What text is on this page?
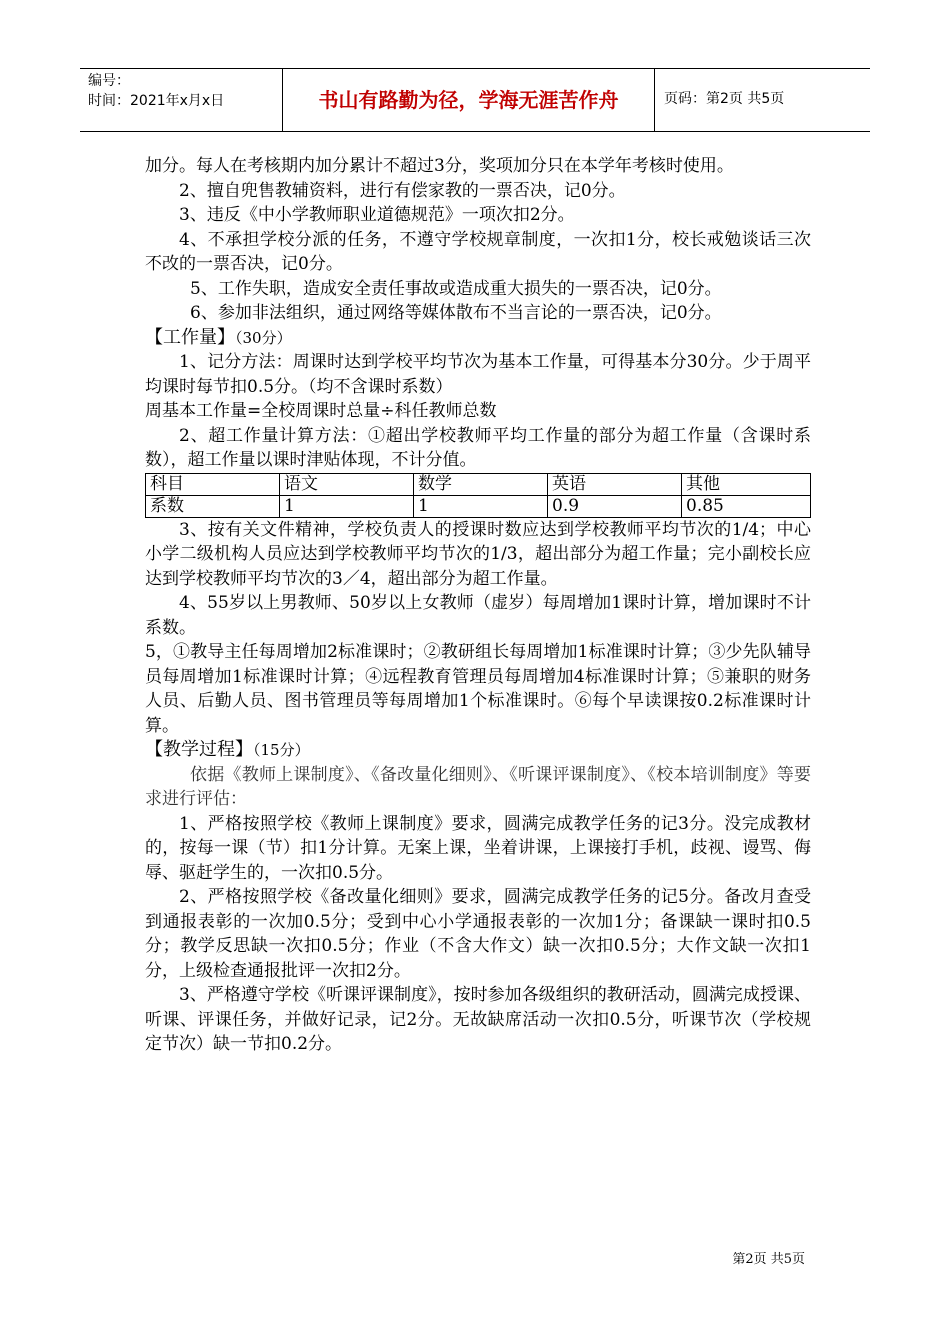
编号：
时间：2021年x月x日	书山有路勤为径，学海无涯苦作舟	页码：第2页 共5页

加分。每人在考核期内加分累计不超过3分，奖项加分只在本学年考核时使用。

2、擅自兜售教辅资料，进行有偿家教的一票否决，记0分。

3、违反《中小学教师职业道德规范》一项次扣2分。

4、不承担学校分派的任务，不遵守学校规章制度，一次扣1分，校长戒勉谈话三次不改的一票否决，记0分。

5、工作失职，造成安全责任事故或造成重大损失的一票否决，记0分。

6、参加非法组织，通过网络等媒体散布不当言论的一票否决，记0分。

【工作量】（30分）

1、记分方法：周课时达到学校平均节次为基本工作量，可得基本分30分。少于周平均课时每节扣0.5分。（均不含课时系数）

周基本工作量=全校周课时总量÷科任教师总数

2、超工作量计算方法：①超出学校教师平均工作量的部分为超工作量（含课时系数），超工作量以课时津贴体现，不计分值。

科目	语文	数学	英语	其他
系数	1	1	0.9	0.85

3、按有关文件精神，学校负责人的授课时数应达到学校教师平均节次的1/4；中心小学二级机构人员应达到学校教师平均节次的1/3，超出部分为超工作量；完小副校长应达到学校教师平均节次的3／4，超出部分为超工作量。

4、55岁以上男教师、50岁以上女教师（虚岁）每周增加1课时计算，增加课时不计系数。

5，①教导主任每周增加2标准课时；②教研组长每周增加1标准课时计算；③少先队辅导员每周增加1标准课时计算；④远程教育管理员每周增加4标准课时计算；⑤兼职的财务人员、后勤人员、图书管理员等每周增加1个标准课时。⑥每个早读课按0.2标准课时计算。

【教学过程】（15分）

依据《教师上课制度》、《备改量化细则》、《听课评课制度》、《校本培训制度》等要求进行评估：

1、严格按照学校《教师上课制度》要求，圆满完成教学任务的记3分。没完成教材的，按每一课（节）扣1分计算。无案上课，坐着讲课，上课接打手机，歧视、谩骂、侮辱、驱赶学生的，一次扣0.5分。

2、严格按照学校《备改量化细则》要求，圆满完成教学任务的记5分。备改月查受到通报表彰的一次加0.5分；受到中心小学通报表彰的一次加1分；备课缺一课时扣0.5分；教学反思缺一次扣0.5分；作业（不含大作文）缺一次扣0.5分；大作文缺一次扣1分，上级检查通报批评一次扣2分。

3、严格遵守学校《听课评课制度》，按时参加各级组织的教研活动，圆满完成授课、听课、评课任务，并做好记录，记2分。无故缺席活动一次扣0.5分，听课节次（学校规定节次）缺一节扣0.2分。

第2页 共5页
